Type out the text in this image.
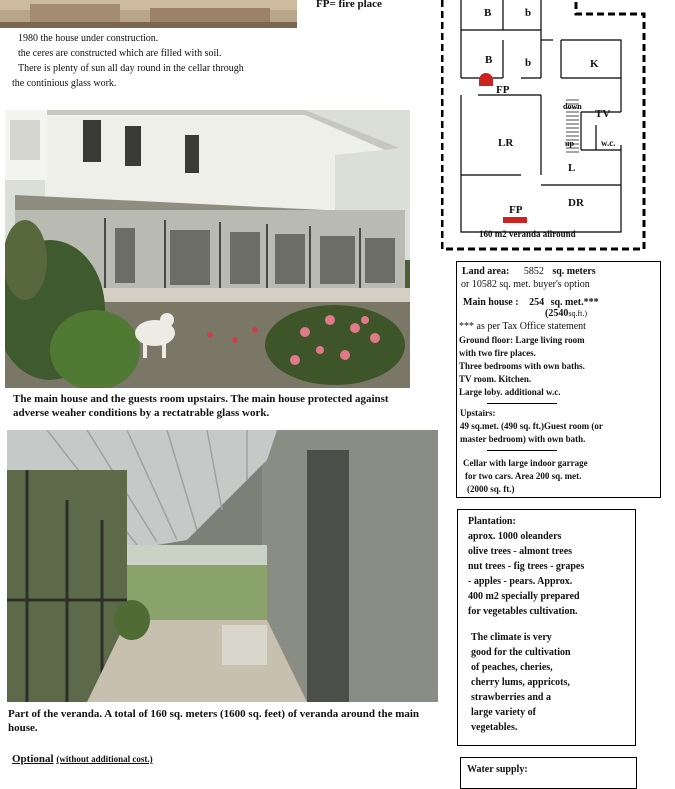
1980 the house under construction.
the ceres are constructed which are filled with soil.
There is plenty of sun all day round in the cellar through
the continious glass work.
FP= fire place
B	b
B	b	K
FP
down
up
TV
w.c.
LR
L
FP
DR
160 m2 veranda allround
The main house and the guests room upstairs. The main house protected against adverse weaher conditions by a rectatrable glass work.
Part of the veranda. A total of 160 sq. meters (1600 sq. feet) of veranda around the main house.
Optional (without additional cost.)
Land area: 5852 sq. meters
or 10582 sq. met. buyer's option
Main house : 254 sq. met.***
(2540sq.ft.)
*** as per Tax Office statement
Ground floor: Large living room
with two fire places.
Three bedrooms with own baths.
TV room. Kitchen.
Large loby. additional w.c.
Upstairs:
49 sq.met. (490 sq. ft.)Guest room (or
master bedroom) with own bath.
Cellar with large indoor garrage
for two cars. Area 200 sq. met.
(2000 sq. ft.)
Plantation:
aprox. 1000 oleanders
olive trees - almont trees
nut trees - fig trees - grapes
- apples - pears. Approx.
400 m2 specially prepared
for vegetables cultivation.
The climate is very
good for the cultivation
of peaches, cheries,
cherry lums, appricots,
strawberries and a
large variety of
vegetables.
Water supply:
